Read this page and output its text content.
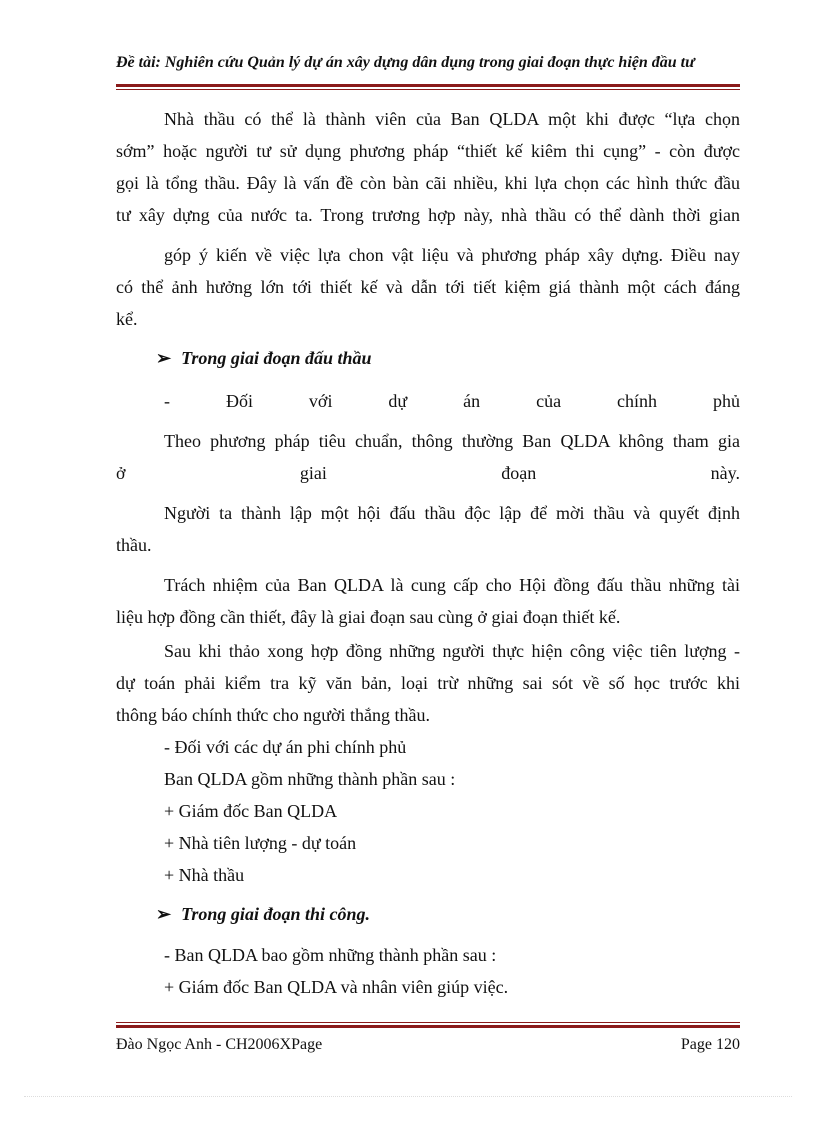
Đề tài: Nghiên cứu Quản lý dự án xây dựng dân dụng trong giai đoạn thực hiện đầu tư
Nhà thầu có thể là thành viên của Ban QLDA một khi được “lựa chọn
sớm” hoặc người tư sử dụng phương pháp “thiết kế kiêm thi cụng” - còn được
gọi là tổng thầu. Đây là vấn đề còn bàn cãi nhiều, khi lựa chọn các hình thức đầu
tư xây dựng của nước ta. Trong trương hợp này, nhà thầu có thể dành thời gian
góp ý kiến về việc lựa chon vật liệu và phương pháp xây dựng. Điều nay
có thể ảnh hưởng lớn tới thiết kế và dẫn tới tiết kiệm giá thành một cách đáng
kể.
➢ Trong giai đoạn đấu thầu
- Đối với dự án của chính phủ
Theo phương pháp tiêu chuẩn, thông thường Ban QLDA không tham gia
ở giai đoạn này.
Người ta thành lập một hội đấu thầu độc lập để mời thầu và quyết định
thầu.
Trách nhiệm của Ban QLDA là cung cấp cho Hội đồng đấu thầu những tài
liệu hợp đồng cần thiết, đây là giai đoạn sau cùng ở giai đoạn thiết kế.
Sau khi thảo xong hợp đồng những người thực hiện công việc tiên lượng -
dự toán phải kiểm tra kỹ văn bản, loại trừ những sai sót về số học trước khi
thông báo chính thức cho người thắng thầu.
- Đối với các dự án phi chính phủ
Ban QLDA gồm những thành phần sau :
+ Giám đốc Ban QLDA
+ Nhà tiên lượng - dự toán
+ Nhà thầu
➢ Trong giai đoạn thi công.
- Ban QLDA bao gồm những thành phần sau :
+ Giám đốc Ban QLDA và nhân viên giúp việc.
Đào Ngọc Anh - CH2006XPage	Page 120
